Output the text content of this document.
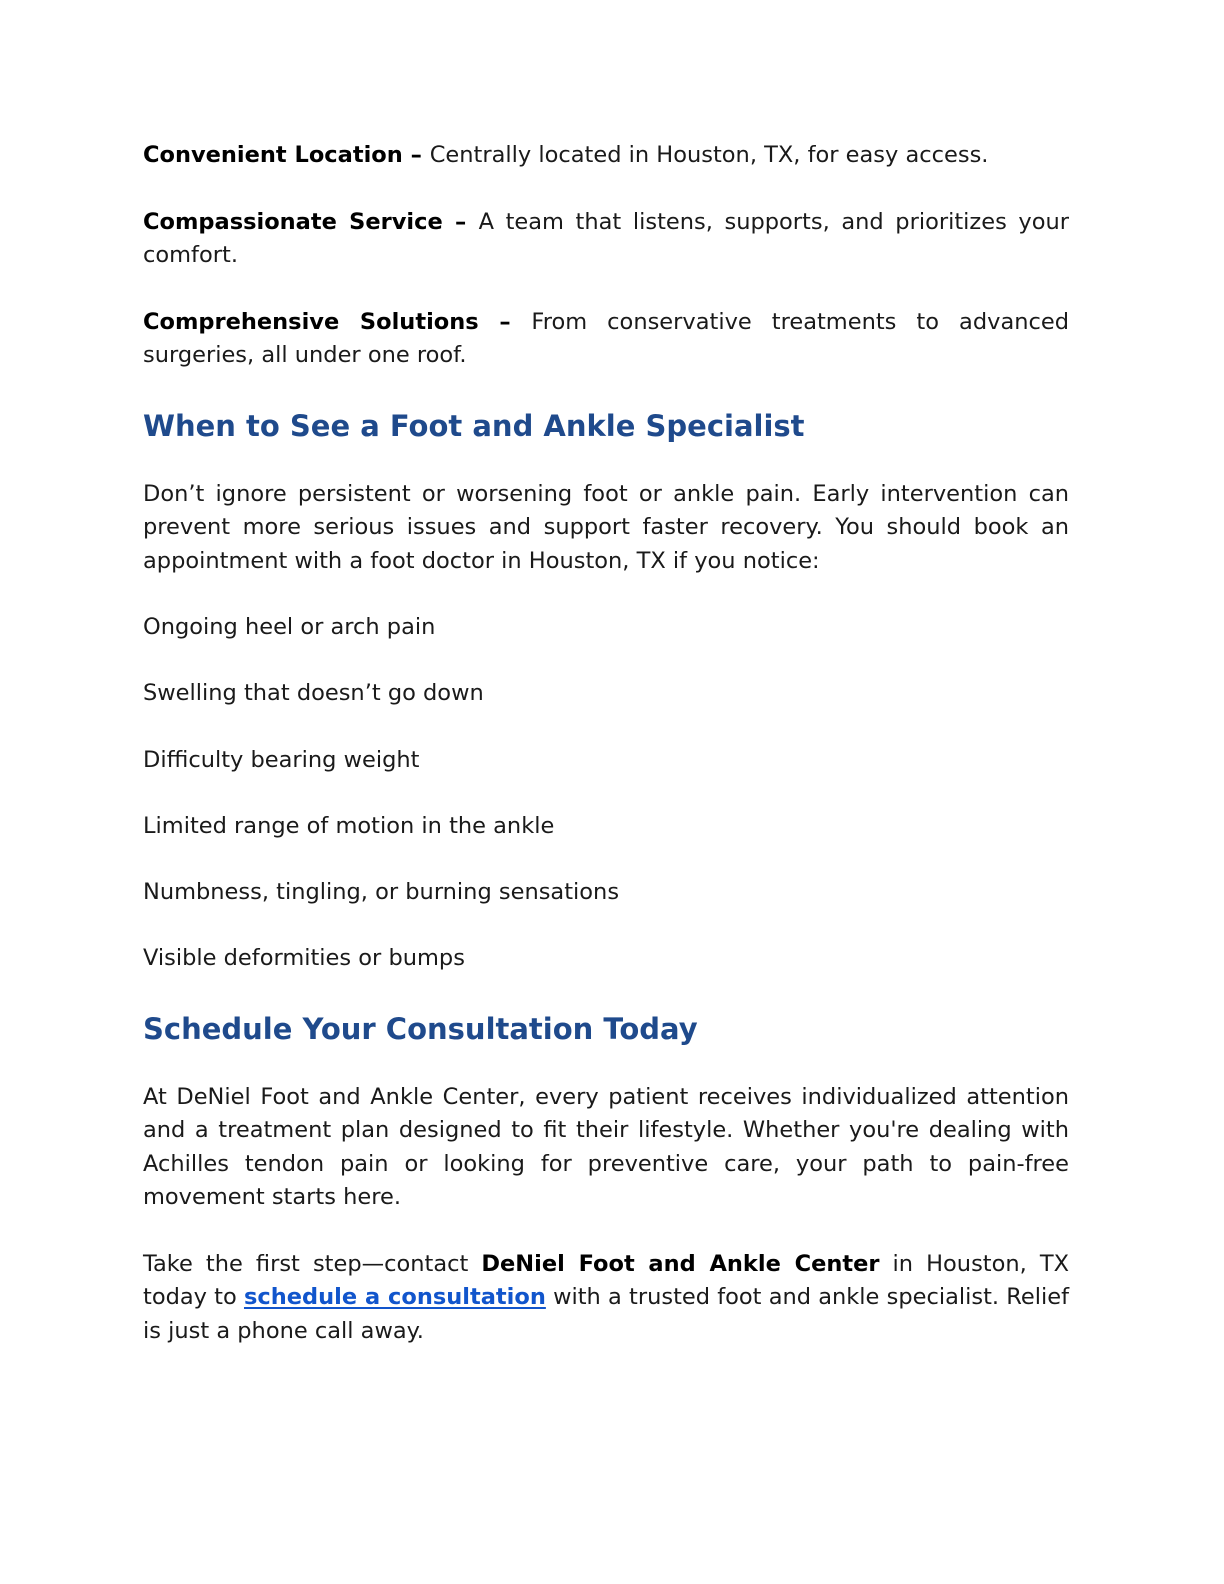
Convenient Location – Centrally located in Houston, TX, for easy access.

Compassionate Service – A team that listens, supports, and prioritizes your comfort.

Comprehensive Solutions – From conservative treatments to advanced surgeries, all under one roof.

When to See a Foot and Ankle Specialist

Don’t ignore persistent or worsening foot or ankle pain. Early intervention can prevent more serious issues and support faster recovery. You should book an appointment with a foot doctor in Houston, TX if you notice:

Ongoing heel or arch pain
Swelling that doesn’t go down
Difficulty bearing weight
Limited range of motion in the ankle
Numbness, tingling, or burning sensations
Visible deformities or bumps
Schedule Your Consultation Today

At DeNiel Foot and Ankle Center, every patient receives individualized attention and a treatment plan designed to fit their lifestyle. Whether you're dealing with Achilles tendon pain or looking for preventive care, your path to pain-free movement starts here.

Take the first step—contact DeNiel Foot and Ankle Center in Houston, TX today to schedule a consultation with a trusted foot and ankle specialist. Relief is just a phone call away.
